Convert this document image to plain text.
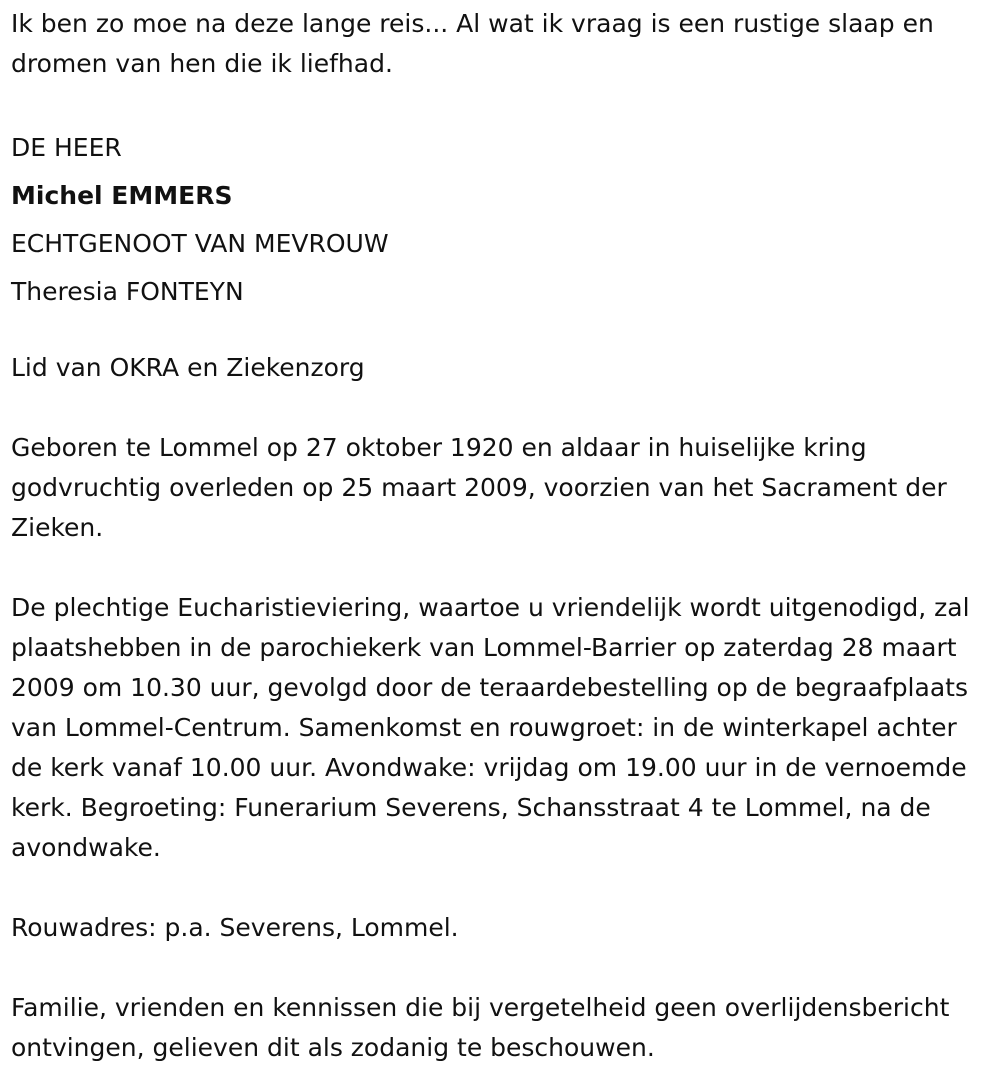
Ik ben zo moe na deze lange reis... Al wat ik vraag is een rustige slaap en dromen van hen die ik liefhad.

DE HEER
Michel EMMERS
ECHTGENOOT VAN MEVROUW
Theresia FONTEYN

Lid van OKRA en Ziekenzorg

Geboren te Lommel op 27 oktober 1920 en aldaar in huiselijke kring godvruchtig overleden op 25 maart 2009, voorzien van het Sacrament der Zieken.

De plechtige Eucharistieviering, waartoe u vriendelijk wordt uitgenodigd, zal plaatshebben in de parochiekerk van Lommel-Barrier op zaterdag 28 maart 2009 om 10.30 uur, gevolgd door de teraardebestelling op de begraafplaats van Lommel-Centrum. Samenkomst en rouwgroet: in de winterkapel achter de kerk vanaf 10.00 uur. Avondwake: vrijdag om 19.00 uur in de vernoemde kerk. Begroeting: Funerarium Severens, Schansstraat 4 te Lommel, na de avondwake.

Rouwadres: p.a. Severens, Lommel.

Familie, vrienden en kennissen die bij vergetelheid geen overlijdensbericht ontvingen, gelieven dit als zodanig te beschouwen.
